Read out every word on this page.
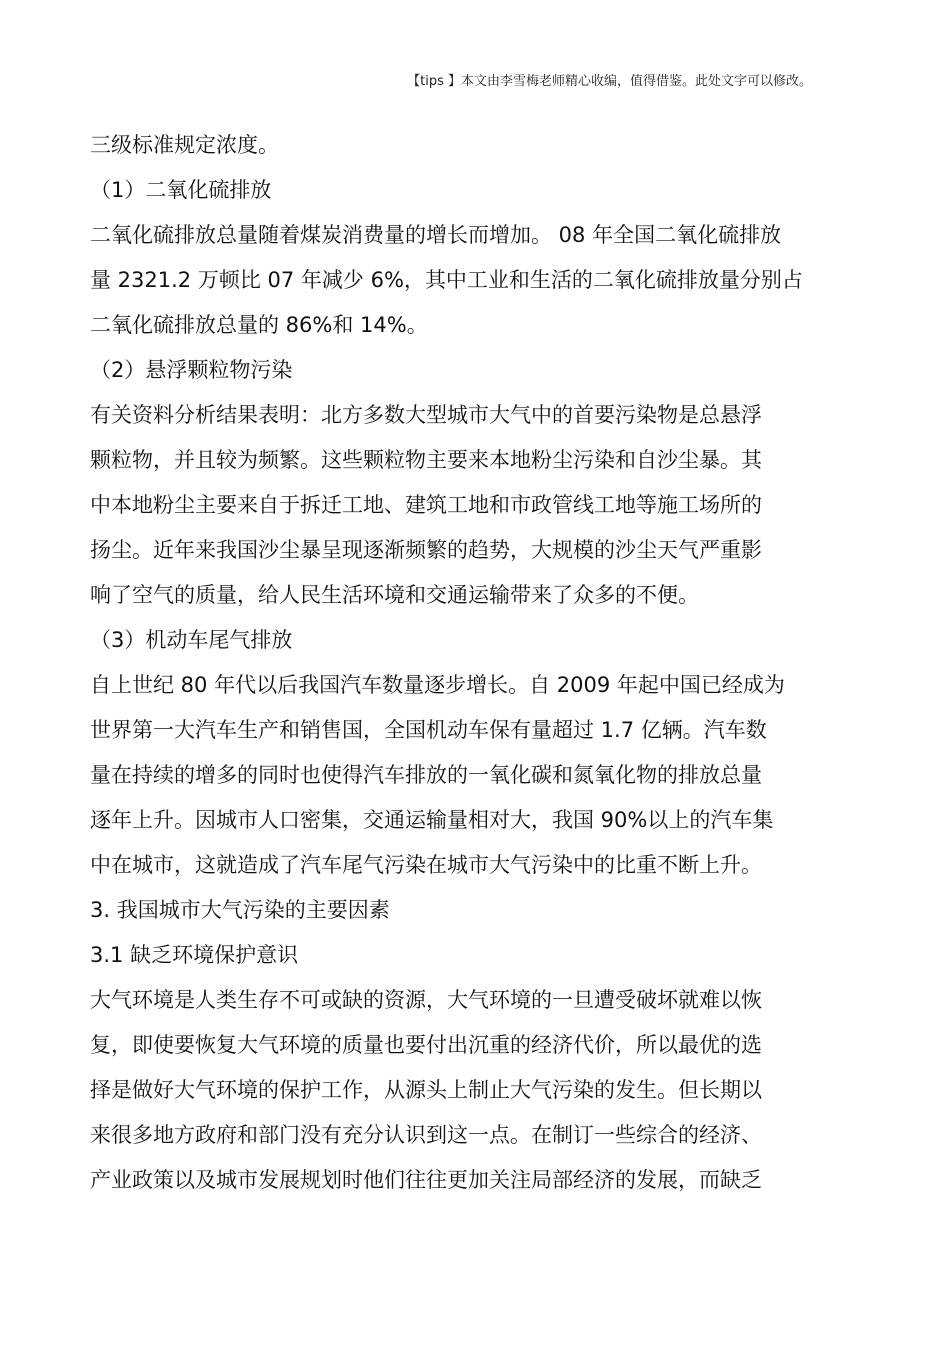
【tips 】本文由李雪梅老师精心收编，值得借鉴。此处文字可以修改。
三级标准规定浓度。
（1）二氧化硫排放
二氧化硫排放总量随着煤炭消费量的增长而增加。 08 年全国二氧化硫排放
量 2321.2 万顿比 07 年减少 6%，其中工业和生活的二氧化硫排放量分别占
二氧化硫排放总量的 86%和 14%。
（2）悬浮颗粒物污染
有关资料分析结果表明：北方多数大型城市大气中的首要污染物是总悬浮
颗粒物，并且较为频繁。这些颗粒物主要来本地粉尘污染和自沙尘暴。其
中本地粉尘主要来自于拆迁工地、建筑工地和市政管线工地等施工场所的
扬尘。近年来我国沙尘暴呈现逐渐频繁的趋势，大规模的沙尘天气严重影
响了空气的质量，给人民生活环境和交通运输带来了众多的不便。
（3）机动车尾气排放
自上世纪 80 年代以后我国汽车数量逐步增长。自 2009 年起中国已经成为
世界第一大汽车生产和销售国，全国机动车保有量超过 1.7 亿辆。汽车数
量在持续的增多的同时也使得汽车排放的一氧化碳和氮氧化物的排放总量
逐年上升。因城市人口密集，交通运输量相对大，我国 90%以上的汽车集
中在城市，这就造成了汽车尾气污染在城市大气污染中的比重不断上升。
3. 我国城市大气污染的主要因素
3.1 缺乏环境保护意识
大气环境是人类生存不可或缺的资源，大气环境的一旦遭受破坏就难以恢
复，即使要恢复大气环境的质量也要付出沉重的经济代价，所以最优的选
择是做好大气环境的保护工作，从源头上制止大气污染的发生。但长期以
来很多地方政府和部门没有充分认识到这一点。在制订一些综合的经济、
产业政策以及城市发展规划时他们往往更加关注局部经济的发展，而缺乏
